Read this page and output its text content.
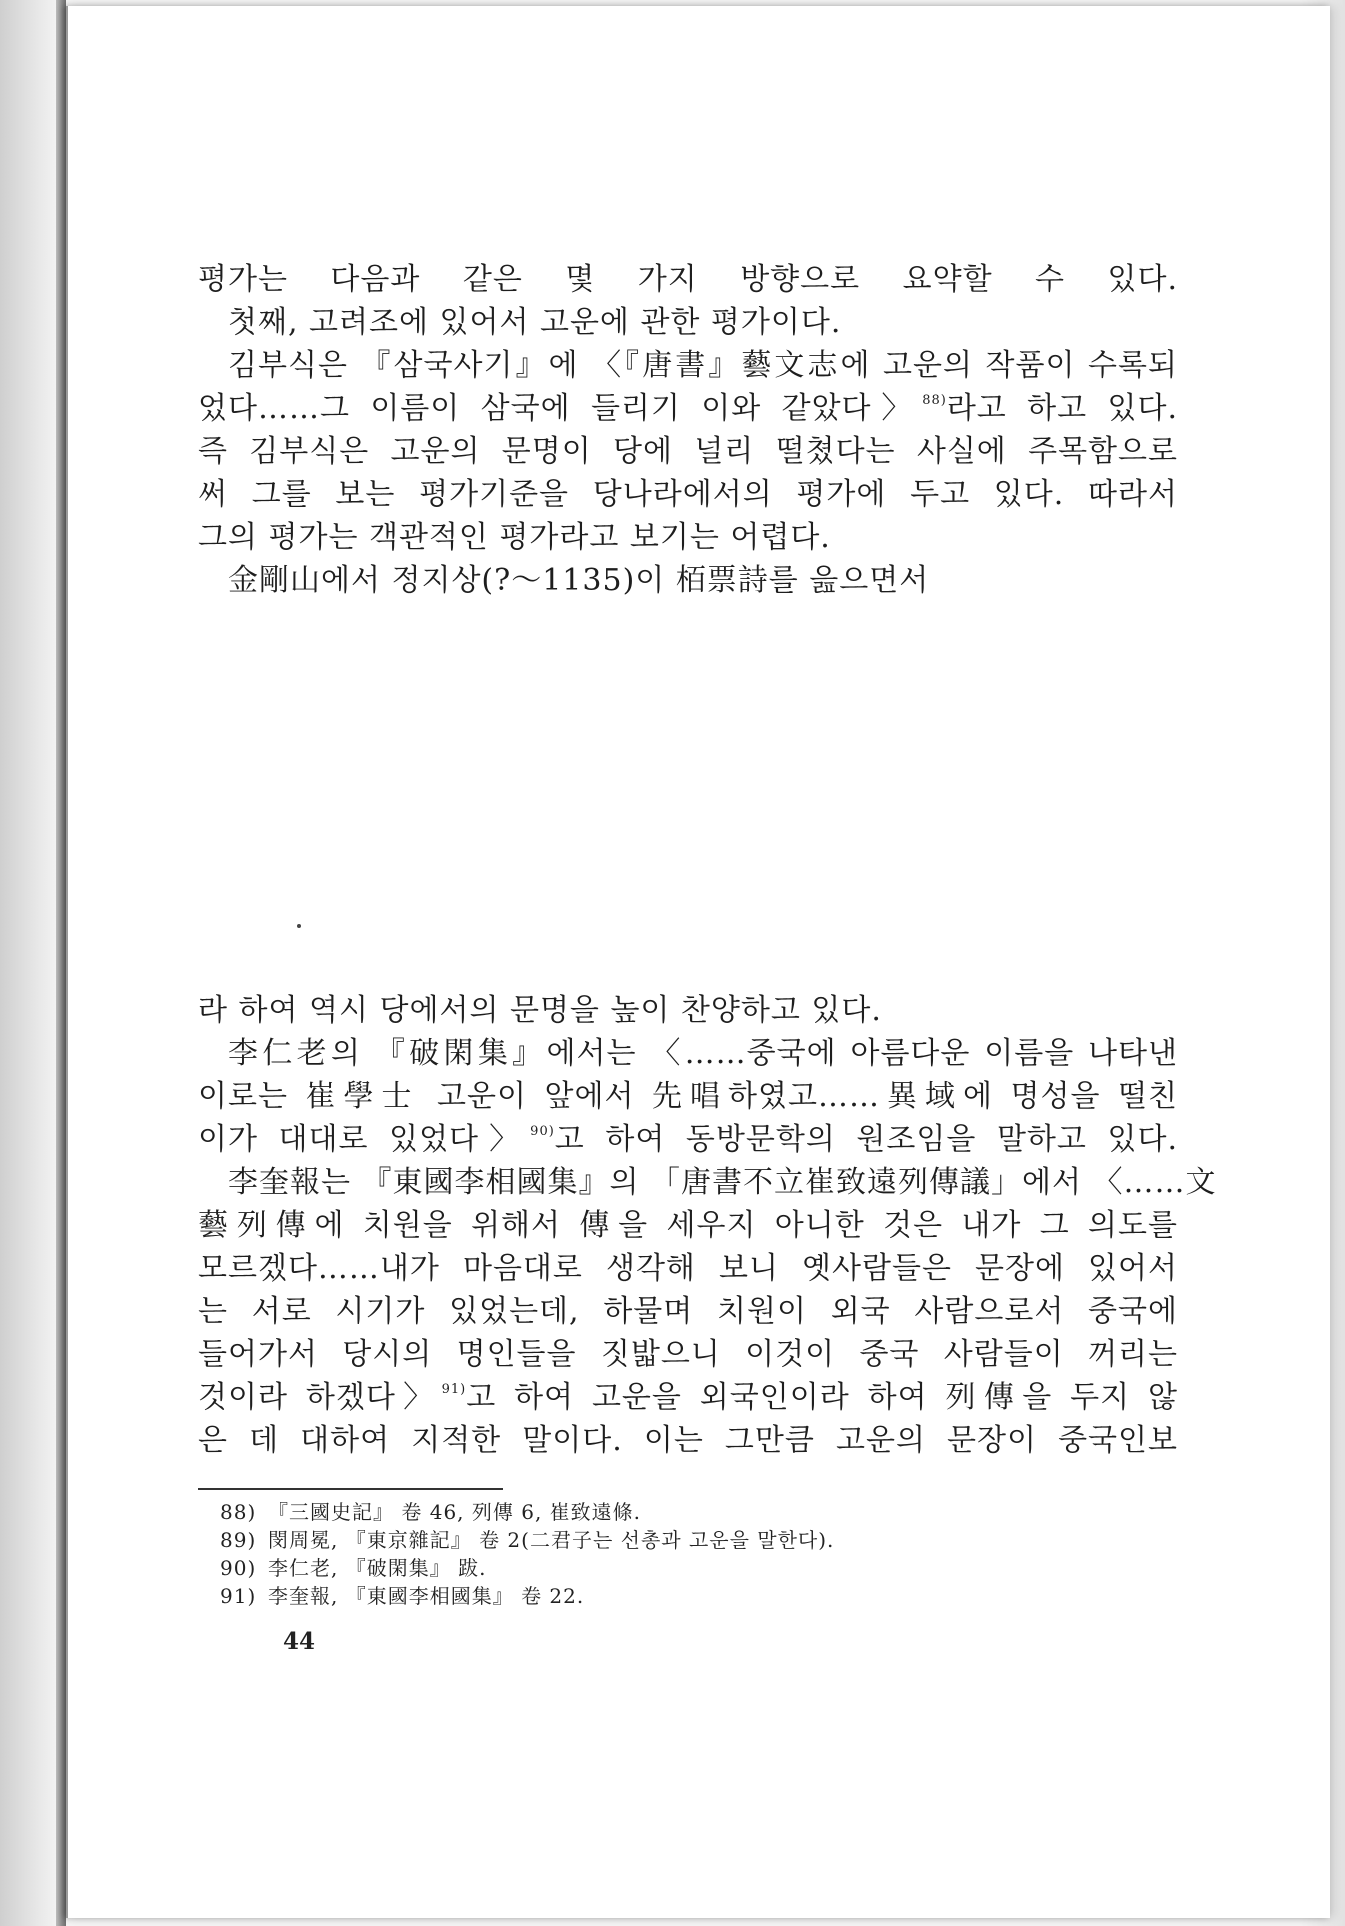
평가는 다음과 같은 몇 가지 방향으로 요약할 수 있다.
첫째, 고려조에 있어서 고운에 관한 평가이다.
김부식은 『삼국사기』에 〈『唐書』藝文志에 고운의 작품이 수록되
었다……그 이름이 삼국에 들리기 이와 같았다〉$^{88)}$라고 하고 있다.
즉 김부식은 고운의 문명이 당에 널리 떨쳤다는 사실에 주목함으로
써 그를 보는 평가기준을 당나라에서의 평가에 두고 있다. 따라서
그의 평가는 객관적인 평가라고 보기는 어렵다.
金剛山에서 정지상(?～1135)이 栢票詩를 읊으면서
라 하여 역시 당에서의 문명을 높이 찬양하고 있다.
李仁老의 『破閑集』에서는 〈……중국에 아름다운 이름을 나타낸
이로는 崔學士 고운이 앞에서 先唱하였고……異域에 명성을 떨친
이가 대대로 있었다〉$^{90)}$고 하여 동방문학의 원조임을 말하고 있다.
李奎報는 『東國李相國集』의 「唐書不立崔致遠列傳議」에서 〈……文
藝列傳에 치원을 위해서 傳을 세우지 아니한 것은 내가 그 의도를
모르겠다……내가 마음대로 생각해 보니 옛사람들은 문장에 있어서
는 서로 시기가 있었는데, 하물며 치원이 외국 사람으로서 중국에
들어가서 당시의 명인들을 짓밟으니 이것이 중국 사람들이 꺼리는
것이라 하겠다〉$^{91)}$고 하여 고운을 외국인이라 하여 列傳을 두지 않
은 데 대하여 지적한 말이다. 이는 그만큼 고운의 문장이 중국인보
88) 『三國史記』 卷 46, 列傳 6, 崔致遠條.
89) 閔周冕, 『東京雜記』 卷 2(二君子는 선총과 고운을 말한다).
90) 李仁老, 『破閑集』 跋.
91) 李奎報, 『東國李相國集』 卷 22.
44
